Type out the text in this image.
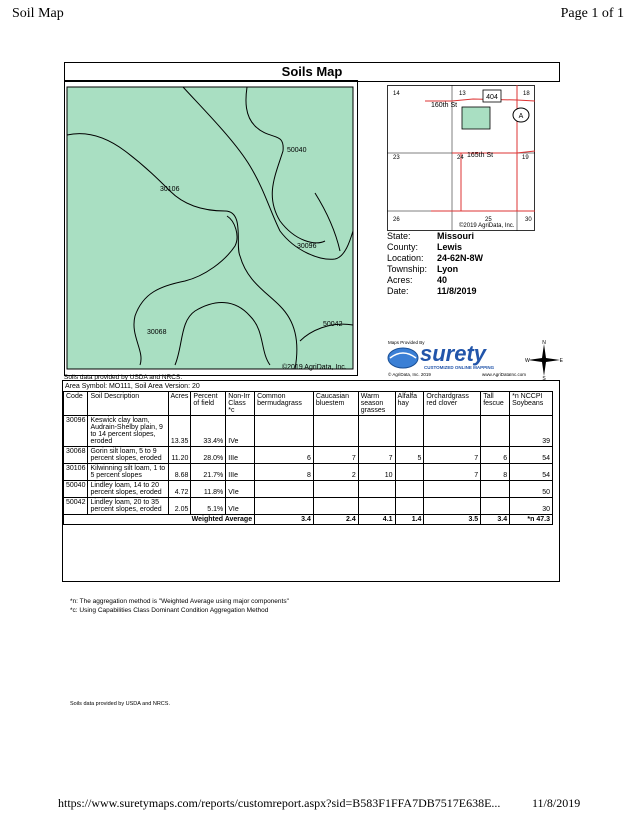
Soil Map	Page 1 of 1
Soils Map
50040
30106
30096
50042
30068
©2019 AgriData, Inc.
Soils data provided by USDA and NRCS.
404
A
14	13	18
23	24	19
26	25	30
160th St
165th St
©2019 AgriData, Inc.
State:	Missouri
County: Lewis
Location: 24-62N-8W
Township: Lyon
Acres:	40
Date:	11/8/2019
Maps Provided By
surety
CUSTOMIZED ONLINE MAPPING
© AgriData, Inc. 2019	www.AgriDataInc.com
N
E
S
W
Area Symbol: MO111, Soil Area Version: 20
Code	Soil Description	Acres	Percent of field	Non-Irr Class *c	Common bermudagrass	Caucasian bluestem	Warm season grasses	Alfalfa hay	Orchardgrass red clover	Tall fescue	*n NCCPI Soybeans
30096	Keswick clay loam, Audrain-Shelby plain, 9 to 14 percent slopes, eroded	13.35	33.4%	IVe							39
30068	Gorin silt loam, 5 to 9 percent slopes, eroded	11.20	28.0%	IIIe	6	7	7	5	7	6	54
30106	Kilwinning silt loam, 1 to 5 percent slopes	8.68	21.7%	IIIe	8	2	10		7	8	54
50040	Lindley loam, 14 to 20 percent slopes, eroded	4.72	11.8%	VIe							50
50042	Lindley loam, 20 to 35 percent slopes, eroded	2.05	5.1%	VIe							30
Weighted Average					3.4	2.4	4.1	1.4	3.5	3.4	*n 47.3
*n: The aggregation method is "Weighted Average using major components"
*c: Using Capabilities Class Dominant Condition Aggregation Method
Soils data provided by USDA and NRCS.
https://www.suretymaps.com/reports/customreport.aspx?sid=B583F1FFA7DB7517E638E...	11/8/2019
